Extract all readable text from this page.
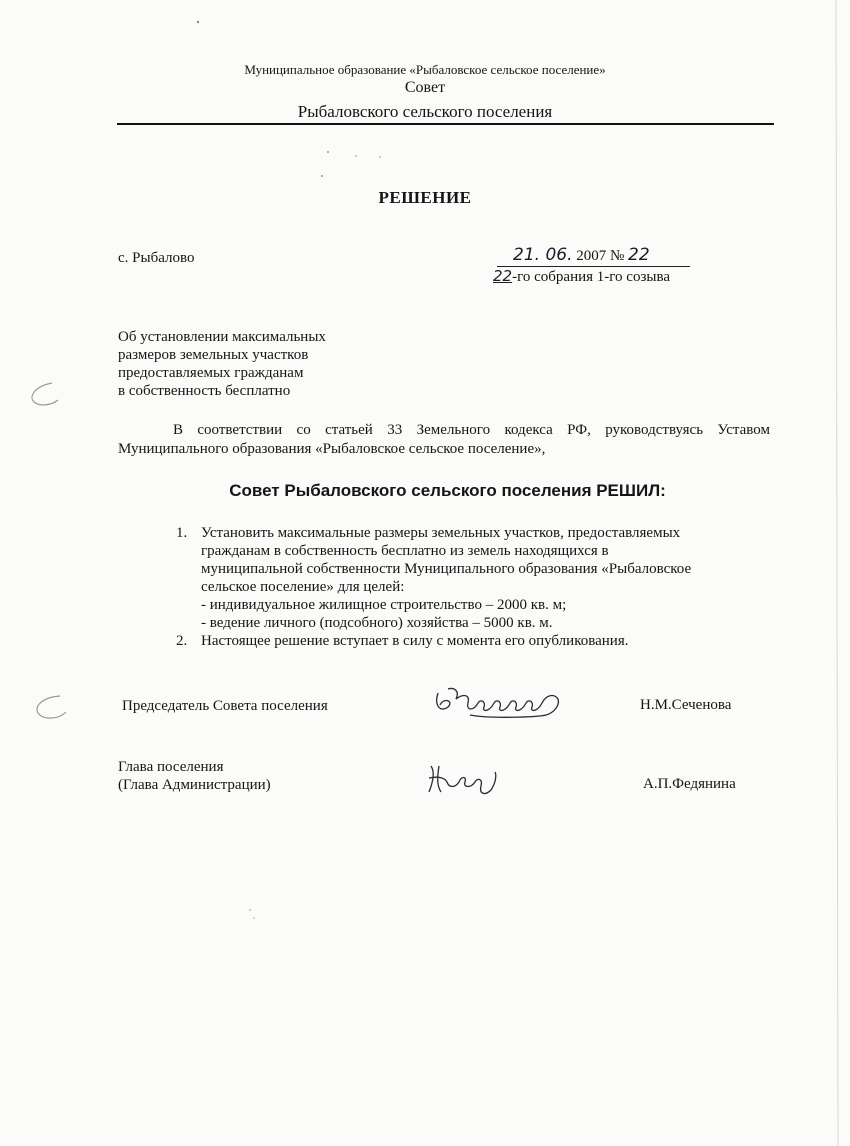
Муниципальное образование «Рыбаловское сельское поселение»
Совет
Рыбаловского сельского поселения
РЕШЕНИЕ
с. Рыбалово	21. 06. 2007 № 22
22-го собрания 1-го созыва
Об установлении максимальных
размеров земельных участков
предоставляемых гражданам
в собственность бесплатно
В соответствии со статьей 33 Земельного кодекса РФ, руководствуясь Уставом
Муниципального образования «Рыбаловское сельское поселение»,
Совет Рыбаловского сельского поселения РЕШИЛ:
1. Установить максимальные размеры земельных участков, предоставляемых
гражданам в собственность бесплатно из земель находящихся в
муниципальной собственности Муниципального образования «Рыбаловское
сельское поселение» для целей:
- индивидуальное жилищное строительство – 2000 кв. м;
- ведение личного (подсобного) хозяйства – 5000 кв. м.
2. Настоящее решение вступает в силу с момента его опубликования.
Председатель Совета поселения	Н.М.Сеченова
Глава поселения
(Глава Администрации)	А.П.Федянина
